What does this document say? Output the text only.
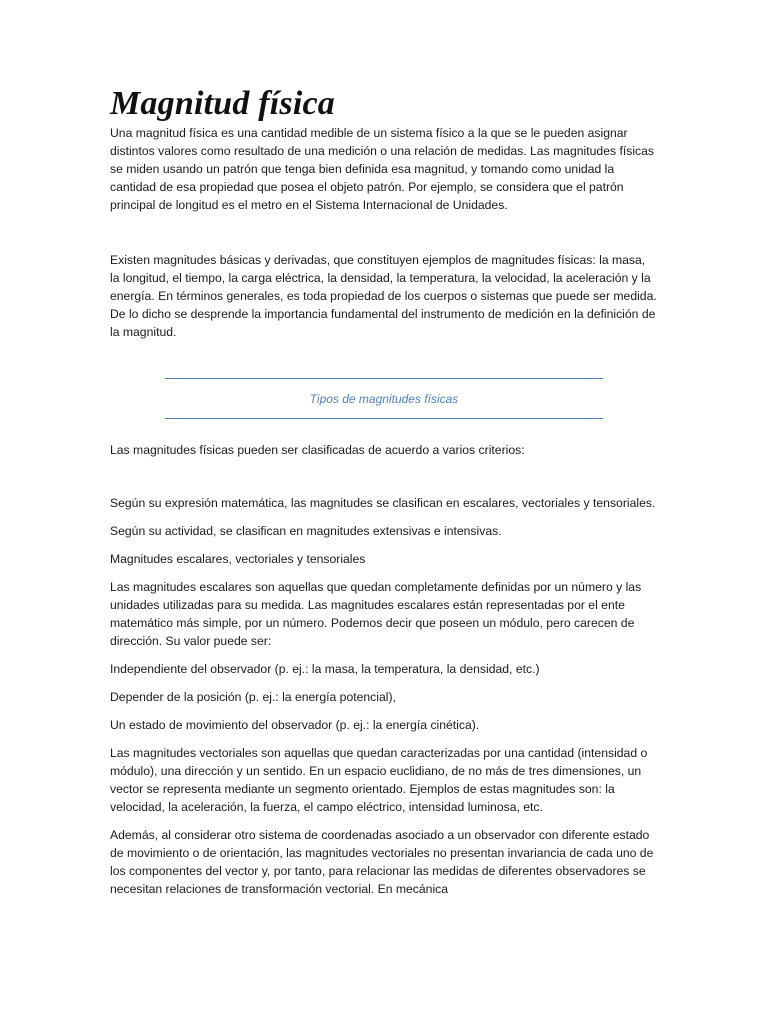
Magnitud física

Una magnitud física es una cantidad medible de un sistema físico a la que se le pueden asignar distintos valores como resultado de una medición o una relación de medidas. Las magnitudes físicas se miden usando un patrón que tenga bien definida esa magnitud, y tomando como unidad la cantidad de esa propiedad que posea el objeto patrón. Por ejemplo, se considera que el patrón principal de longitud es el metro en el Sistema Internacional de Unidades.

Existen magnitudes básicas y derivadas, que constituyen ejemplos de magnitudes físicas: la masa, la longitud, el tiempo, la carga eléctrica, la densidad, la temperatura, la velocidad, la aceleración y la energía. En términos generales, es toda propiedad de los cuerpos o sistemas que puede ser medida. De lo dicho se desprende la importancia fundamental del instrumento de medición en la definición de la magnitud.

Tipos de magnitudes físicas

Las magnitudes físicas pueden ser clasificadas de acuerdo a varios criterios:

Según su expresión matemática, las magnitudes se clasifican en escalares, vectoriales y tensoriales.

Según su actividad, se clasifican en magnitudes extensivas e intensivas.

Magnitudes escalares, vectoriales y tensoriales

Las magnitudes escalares son aquellas que quedan completamente definidas por un número y las unidades utilizadas para su medida. Las magnitudes escalares están representadas por el ente matemático más simple, por un número. Podemos decir que poseen un módulo, pero carecen de dirección. Su valor puede ser:

Independiente del observador (p. ej.: la masa, la temperatura, la densidad, etc.)

Depender de la posición (p. ej.: la energía potencial),

Un estado de movimiento del observador (p. ej.: la energía cinética).

Las magnitudes vectoriales son aquellas que quedan caracterizadas por una cantidad (intensidad o módulo), una dirección y un sentido. En un espacio euclidiano, de no más de tres dimensiones, un vector se representa mediante un segmento orientado. Ejemplos de estas magnitudes son: la velocidad, la aceleración, la fuerza, el campo eléctrico, intensidad luminosa, etc.

Además, al considerar otro sistema de coordenadas asociado a un observador con diferente estado de movimiento o de orientación, las magnitudes vectoriales no presentan invariancia de cada uno de los componentes del vector y, por tanto, para relacionar las medidas de diferentes observadores se necesitan relaciones de transformación vectorial. En mecánica
